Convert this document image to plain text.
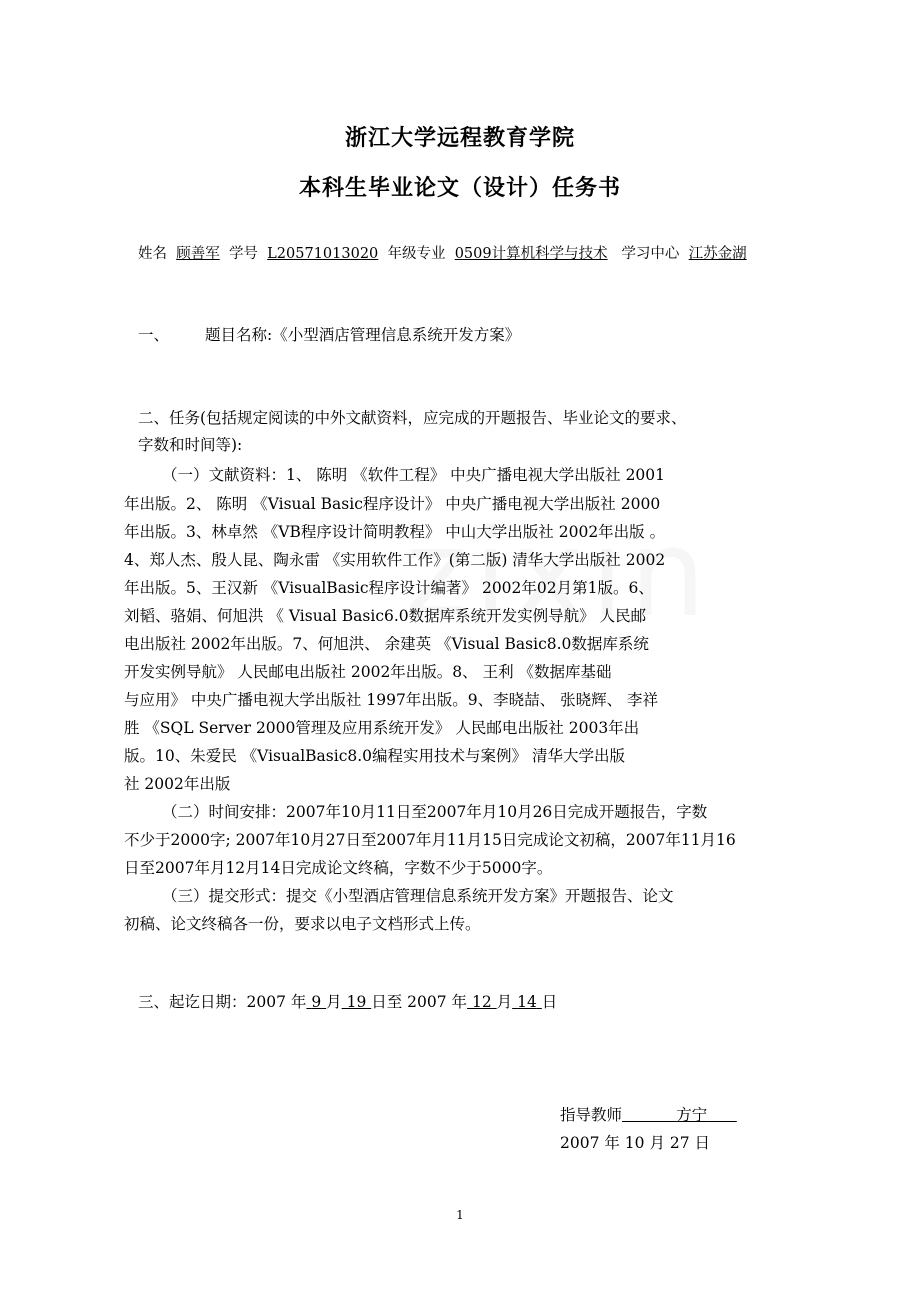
浙江大学远程教育学院
本科生毕业论文（设计）任务书
姓名 顾善军 学号 L20571013020 年级专业 0509计算机科学与技术 学习中心 江苏金湖
一、 题目名称:《小型酒店管理信息系统开发方案》
二、任务(包括规定阅读的中外文献资料，应完成的开题报告、毕业论文的要求、
字数和时间等):
（一）文献资料：1、 陈明 《软件工程》 中央广播电视大学出版社 2001
年出版。2、 陈明 《Visual Basic程序设计》 中央广播电视大学出版社 2000
年出版。3、林卓然 《VB程序设计简明教程》 中山大学出版社 2002年出版 。
4、郑人杰、殷人昆、陶永雷 《实用软件工作》(第二版) 清华大学出版社 2002
年出版。5、王汉新 《VisualBasic程序设计编著》 2002年02月第1版。6、
刘韬、骆娟、何旭洪 《 Visual Basic6.0数据库系统开发实例导航》 人民邮
电出版社 2002年出版。7、何旭洪、 余建英 《Visual Basic8.0数据库系统
开发实例导航》 人民邮电出版社 2002年出版。8、 王利 《数据库基础
与应用》 中央广播电视大学出版社 1997年出版。9、李晓喆、 张晓辉、 李祥
胜 《SQL Server 2000管理及应用系统开发》 人民邮电出版社 2003年出
版。10、朱爱民 《VisualBasic8.0编程实用技术与案例》 清华大学出版
社 2002年出版
（二）时间安排：2007年10月11日至2007年月10月26日完成开题报告，字数
不少于2000字; 2007年10月27日至2007年月11月15日完成论文初稿，2007年11月16
日至2007年月12月14日完成论文终稿，字数不少于5000字。
（三）提交形式：提交《小型酒店管理信息系统开发方案》开题报告、论文
初稿、论文终稿各一份，要求以电子文档形式上传。
三、起讫日期：2007 年 9 月 19 日至 2007 年 12 月 14 日
指导教师	方宁
2007 年 10 月 27 日
1
